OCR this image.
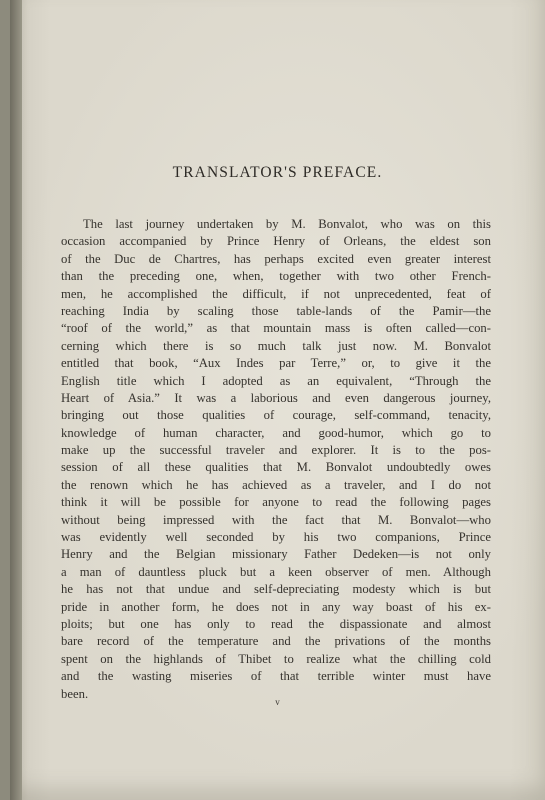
TRANSLATOR'S PREFACE.
The last journey undertaken by M. Bonvalot, who was on this
occasion accompanied by Prince Henry of Orleans, the eldest son
of the Duc de Chartres, has perhaps excited even greater interest
than the preceding one, when, together with two other French-
men, he accomplished the difficult, if not unprecedented, feat of
reaching India by scaling those table-lands of the Pamir—the
“roof of the world,” as that mountain mass is often called—con-
cerning which there is so much talk just now. M. Bonvalot
entitled that book, “Aux Indes par Terre,” or, to give it the
English title which I adopted as an equivalent, “Through the
Heart of Asia.” It was a laborious and even dangerous journey,
bringing out those qualities of courage, self-command, tenacity,
knowledge of human character, and good-humor, which go to
make up the successful traveler and explorer. It is to the pos-
session of all these qualities that M. Bonvalot undoubtedly owes
the renown which he has achieved as a traveler, and I do not
think it will be possible for anyone to read the following pages
without being impressed with the fact that M. Bonvalot—who
was evidently well seconded by his two companions, Prince
Henry and the Belgian missionary Father Dedeken—is not only
a man of dauntless pluck but a keen observer of men. Although
he has not that undue and self-depreciating modesty which is but
pride in another form, he does not in any way boast of his ex-
ploits; but one has only to read the dispassionate and almost
bare record of the temperature and the privations of the months
spent on the highlands of Thibet to realize what the chilling cold
and the wasting miseries of that terrible winter must have
been.
v
